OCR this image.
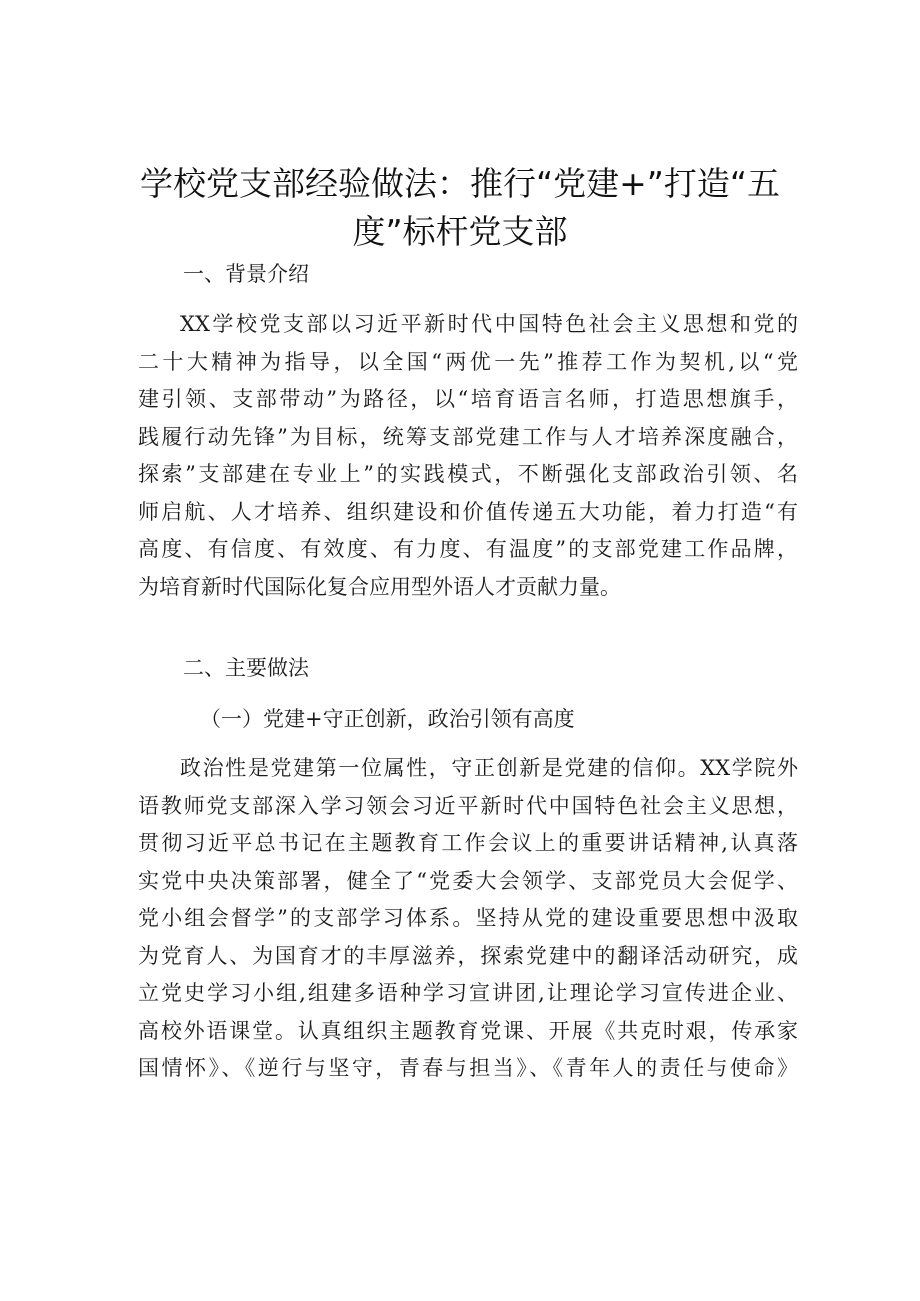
学校党支部经验做法：推行“党建+”打造“五
度”标杆党支部
一、背景介绍
XX学校党支部以习近平新时代中国特色社会主义思想和党的
二十大精神为指导，以全国“两优一先”推荐工作为契机,以“党
建引领、支部带动”为路径，以“培育语言名师，打造思想旗手，
践履行动先锋”为目标，统筹支部党建工作与人才培养深度融合，
探索”支部建在专业上”的实践模式，不断强化支部政治引领、名
师启航、人才培养、组织建设和价值传递五大功能，着力打造“有
高度、有信度、有效度、有力度、有温度”的支部党建工作品牌，
为培育新时代国际化复合应用型外语人才贡献力量。
二、主要做法
（一）党建+守正创新，政治引领有高度
政治性是党建第一位属性，守正创新是党建的信仰。XX学院外
语教师党支部深入学习领会习近平新时代中国特色社会主义思想，
贯彻习近平总书记在主题教育工作会议上的重要讲话精神,认真落
实党中央决策部署，健全了“党委大会领学、支部党员大会促学、
党小组会督学”的支部学习体系。坚持从党的建设重要思想中汲取
为党育人、为国育才的丰厚滋养，探索党建中的翻译活动研究，成
立党史学习小组,组建多语种学习宣讲团,让理论学习宣传进企业、
高校外语课堂。认真组织主题教育党课、开展《共克时艰，传承家
国情怀》、《逆行与坚守，青春与担当》、《青年人的责任与使命》
